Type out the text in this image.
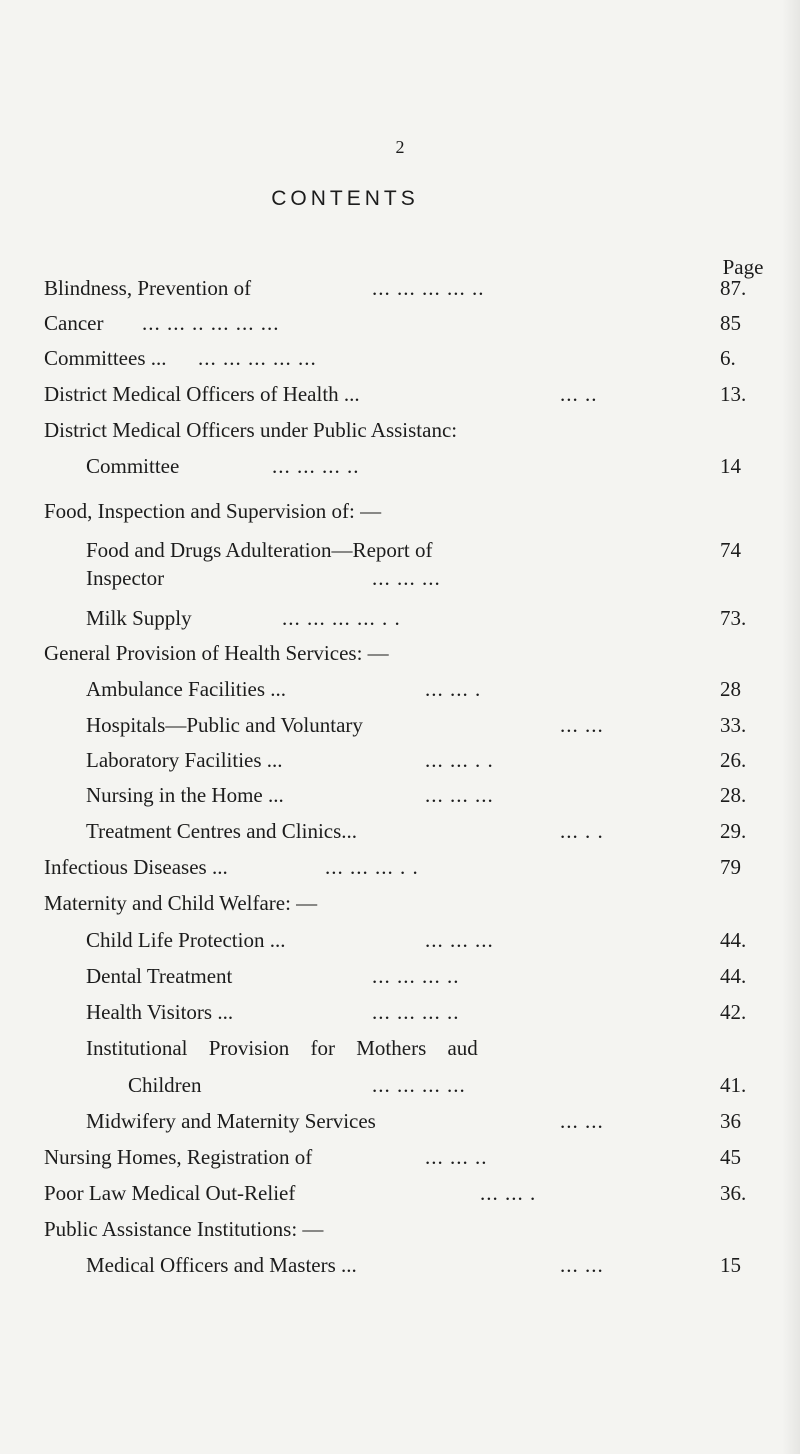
2
CONTENTS
Page
Blindness, Prevention of	... ... ... ... ..	87.
Cancer ... ... .. ... ... ...	85
Committees ... ... ... ... ... ...	6.
District Medical Officers of Health ...	... ..	13.
District Medical Officers under Public Assistanc:
Committee	... ... ... ..	14
Food, Inspection and Supervision of: —
Food and Drugs Adulteration—Report of	74
Inspector	... ... ...
Milk Supply	... ... ... ... . .	73.
General Provision of Health Services: —
Ambulance Facilities ...	... ... .	28
Hospitals—Public and Voluntary	... ...	33.
Laboratory Facilities ...	... ... . .	26.
Nursing in the Home ...	... ... ...	28.
Treatment Centres and Clinics...	... . .	29.
Infectious Diseases ...	... ... ... . .	79
Maternity and Child Welfare: —
Child Life Protection ...	... ... ...	44.
Dental Treatment	... ... ... ..	44.
Health Visitors ...	... ... ... ..	42.
Institutional Provision for Mothers aud
Children	... ... ... ...	41.
Midwifery and Maternity Services	... ...	36
Nursing Homes, Registration of	... ... ..	45
Poor Law Medical Out-Relief	... ... .	36.
Public Assistance Institutions: —
Medical Officers and Masters ...	... ...	15
